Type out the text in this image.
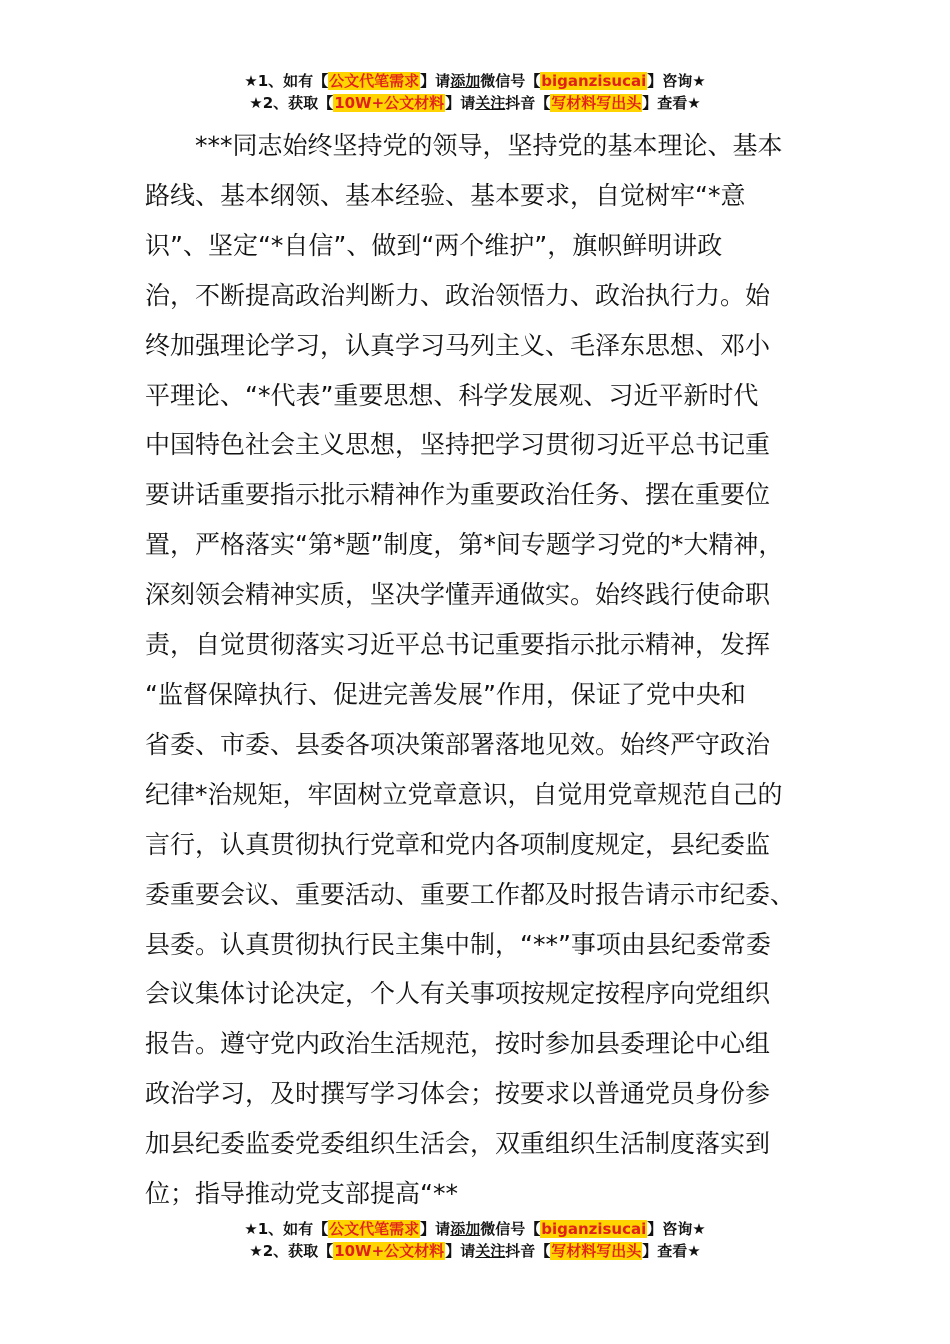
★1、如有【公文代笔需求】请添加微信号【biganzisucai】咨询★
★2、获取【10W+公文材料】请关注抖音【写材料写出头】查看★
　　***同志始终坚持党的领导，坚持党的基本理论、基本
路线、基本纲领、基本经验、基本要求，自觉树牢“*意
识”、坚定“*自信”、做到“两个维护”，旗帜鲜明讲政
治，不断提高政治判断力、政治领悟力、政治执行力。始
终加强理论学习，认真学习马列主义、毛泽东思想、邓小
平理论、“*代表”重要思想、科学发展观、习近平新时代
中国特色社会主义思想，坚持把学习贯彻习近平总书记重
要讲话重要指示批示精神作为重要政治任务、摆在重要位
置，严格落实“第*题”制度，第*间专题学习党的*大精神，
深刻领会精神实质，坚决学懂弄通做实。始终践行使命职
责，自觉贯彻落实习近平总书记重要指示批示精神，发挥
“监督保障执行、促进完善发展”作用，保证了党中央和
省委、市委、县委各项决策部署落地见效。始终严守政治
纪律*治规矩，牢固树立党章意识，自觉用党章规范自己的
言行，认真贯彻执行党章和党内各项制度规定，县纪委监
委重要会议、重要活动、重要工作都及时报告请示市纪委、
县委。认真贯彻执行民主集中制，“**”事项由县纪委常委
会议集体讨论决定，个人有关事项按规定按程序向党组织
报告。遵守党内政治生活规范，按时参加县委理论中心组
政治学习，及时撰写学习体会；按要求以普通党员身份参
加县纪委监委党委组织生活会，双重组织生活制度落实到
位；指导推动党支部提高“**
★1、如有【公文代笔需求】请添加微信号【biganzisucai】咨询★
★2、获取【10W+公文材料】请关注抖音【写材料写出头】查看★
